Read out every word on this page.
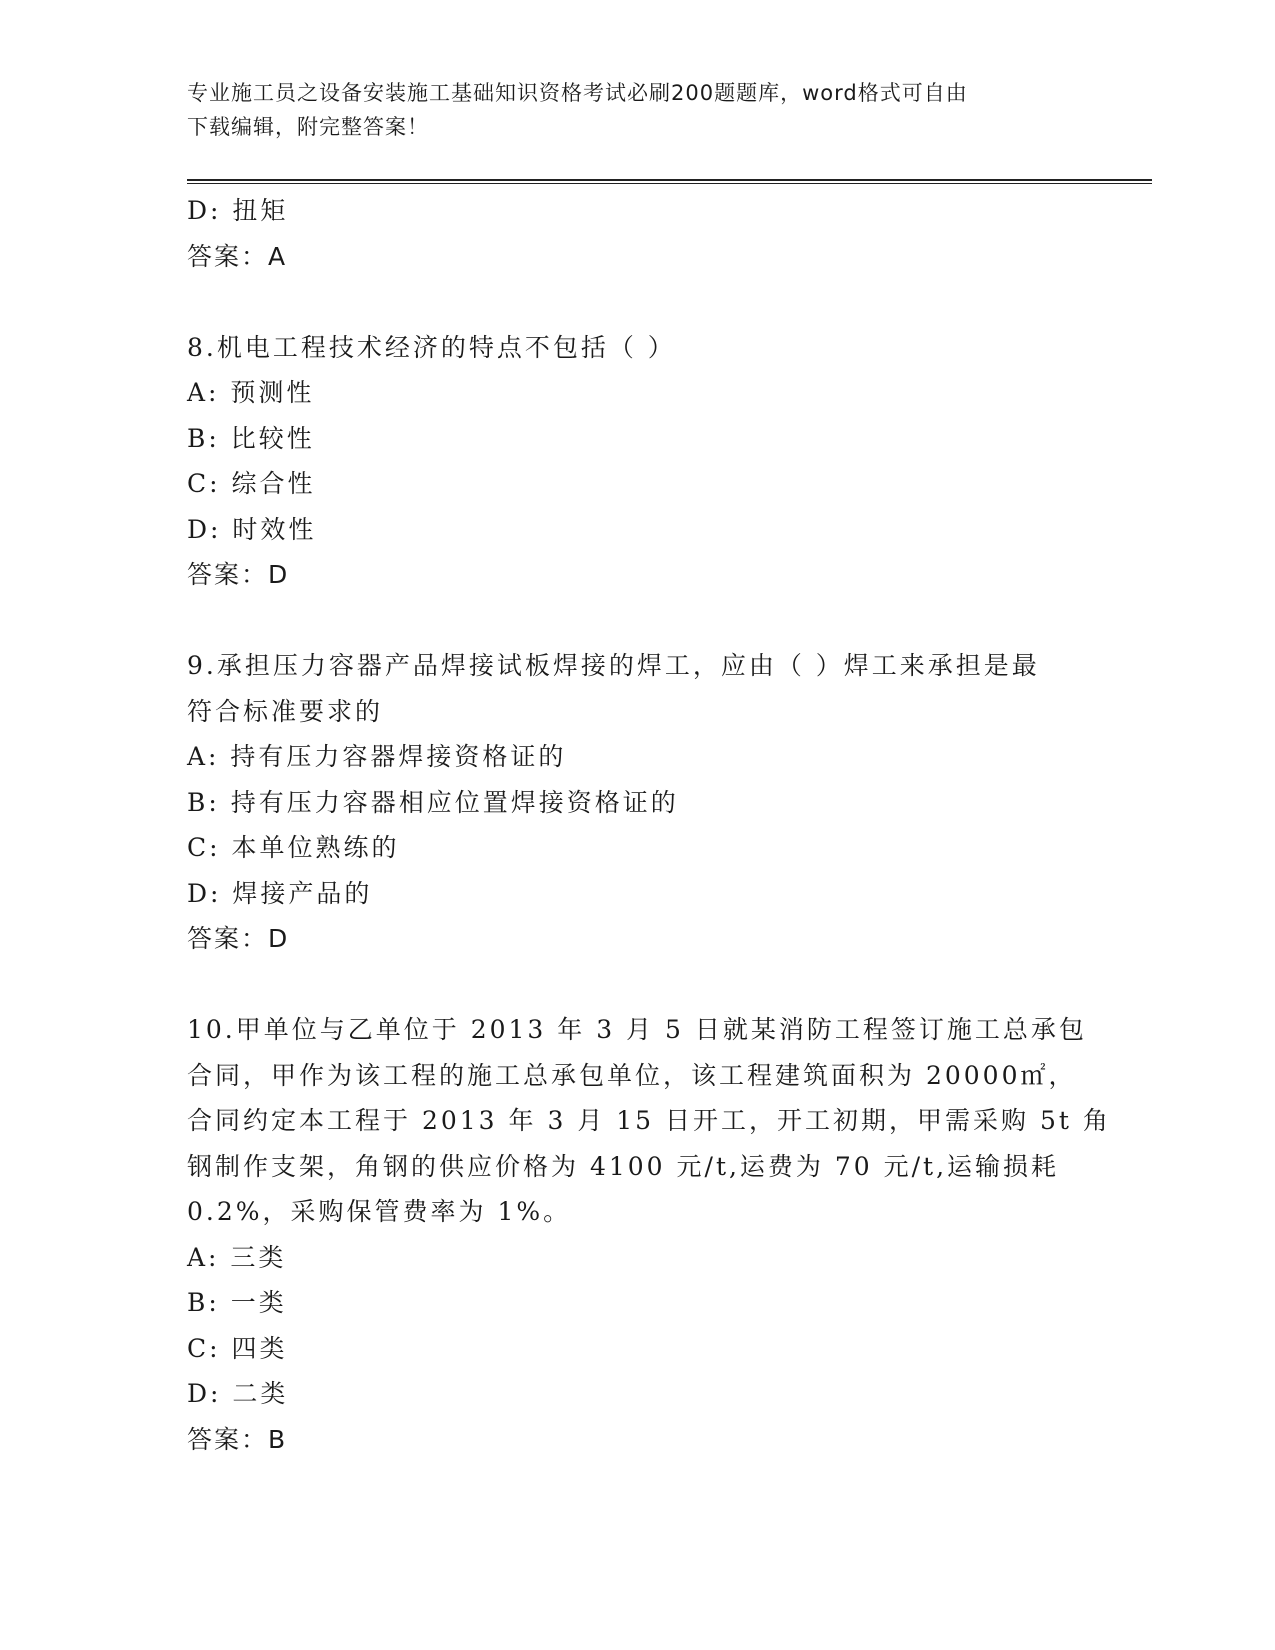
专业施工员之设备安装施工基础知识资格考试必刷200题题库，word格式可自由
下载编辑，附完整答案！
D: 扭矩
答案：A
8.机电工程技术经济的特点不包括（ ）
A: 预测性
B: 比较性
C: 综合性
D: 时效性
答案：D
9.承担压力容器产品焊接试板焊接的焊工，应由（ ）焊工来承担是最
符合标准要求的
A: 持有压力容器焊接资格证的
B: 持有压力容器相应位置焊接资格证的
C: 本单位熟练的
D: 焊接产品的
答案：D
10.甲单位与乙单位于 2013 年 3 月 5 日就某消防工程签订施工总承包
合同，甲作为该工程的施工总承包单位，该工程建筑面积为 20000㎡，
合同约定本工程于 2013 年 3 月 15 日开工，开工初期，甲需采购 5t 角
钢制作支架，角钢的供应价格为 4100 元/t,运费为 70 元/t,运输损耗
0.2%，采购保管费率为 1%。
A: 三类
B: 一类
C: 四类
D: 二类
答案：B
